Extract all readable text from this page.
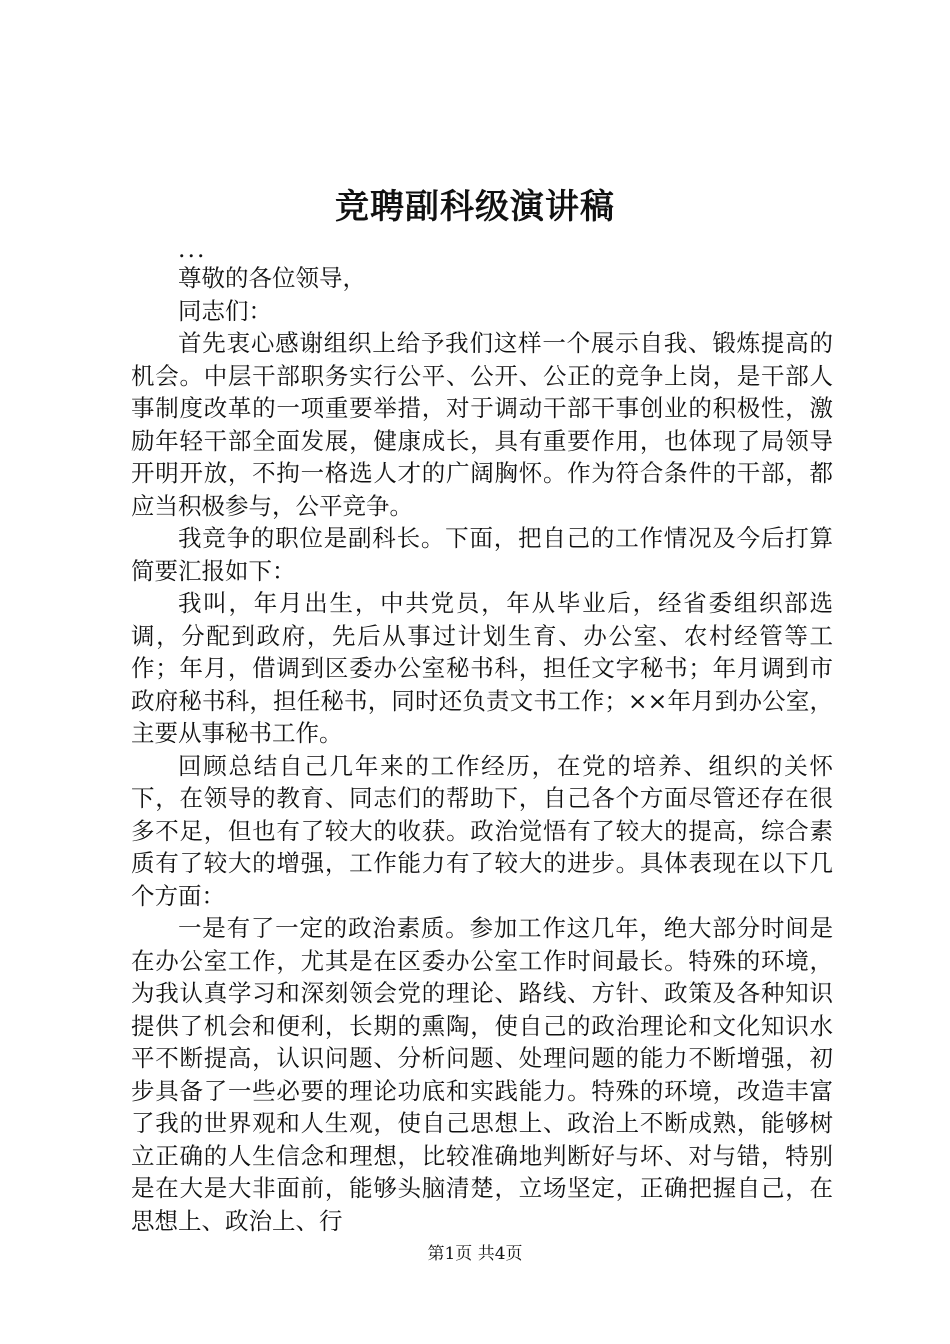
竞聘副科级演讲稿

...

尊敬的各位领导，

同志们：

首先衷心感谢组织上给予我们这样一个展示自我、锻炼提高的机会。中层干部职务实行公平、公开、公正的竞争上岗，是干部人事制度改革的一项重要举措，对于调动干部干事创业的积极性，激励年轻干部全面发展，健康成长，具有重要作用，也体现了局领导开明开放，不拘一格选人才的广阔胸怀。作为符合条件的干部，都应当积极参与，公平竞争。

我竞争的职位是副科长。下面，把自己的工作情况及今后打算简要汇报如下：

我叫，年月出生，中共党员，年从毕业后，经省委组织部选调，分配到政府，先后从事过计划生育、办公室、农村经管等工作；年月，借调到区委办公室秘书科，担任文字秘书；年月调到市政府秘书科，担任秘书，同时还负责文书工作；××年月到办公室，主要从事秘书工作。

回顾总结自己几年来的工作经历，在党的培养、组织的关怀下，在领导的教育、同志们的帮助下，自己各个方面尽管还存在很多不足，但也有了较大的收获。政治觉悟有了较大的提高，综合素质有了较大的增强，工作能力有了较大的进步。具体表现在以下几个方面：

一是有了一定的政治素质。参加工作这几年，绝大部分时间是在办公室工作，尤其是在区委办公室工作时间最长。特殊的环境，为我认真学习和深刻领会党的理论、路线、方针、政策及各种知识提供了机会和便利，长期的熏陶，使自己的政治理论和文化知识水平不断提高，认识问题、分析问题、处理问题的能力不断增强，初步具备了一些必要的理论功底和实践能力。特殊的环境，改造丰富了我的世界观和人生观，使自己思想上、政治上不断成熟，能够树立正确的人生信念和理想，比较准确地判断好与坏、对与错，特别是在大是大非面前，能够头脑清楚，立场坚定，正确把握自己，在思想上、政治上、行

第1页 共4页
